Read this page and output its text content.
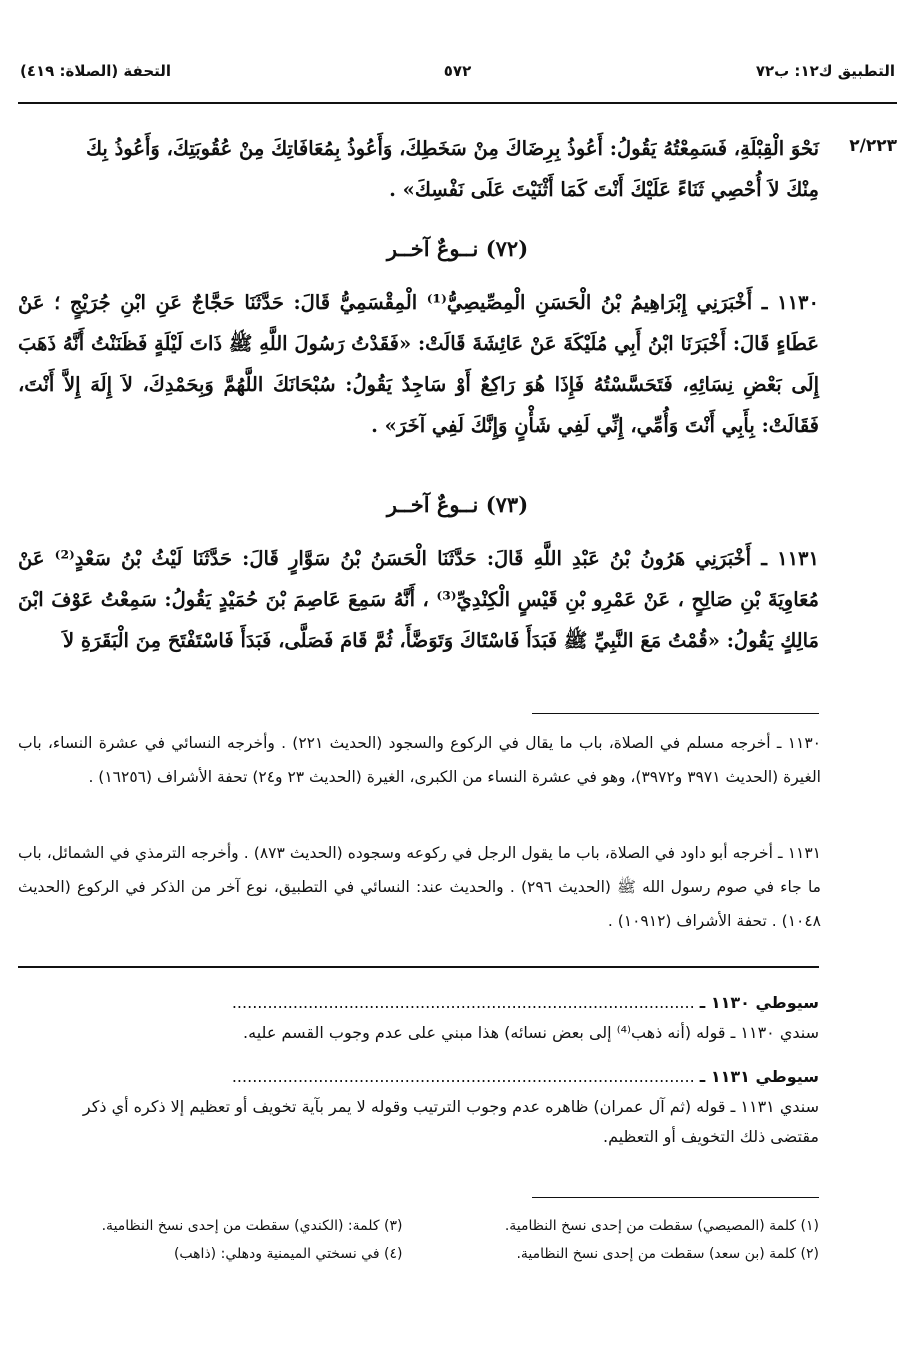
التطبيق ك١٢: ب٧٢
٥٧٢
التحفة (الصلاة: ٤١٩)
٢/٢٢٣
نَحْوَ الْقِبْلَةِ، فَسَمِعْتُهُ يَقُولُ: أَعُوذُ بِرِضَاكَ مِنْ سَخَطِكَ، وَأَعُوذُ بِمُعَافَاتِكَ مِنْ عُقُوبَتِكَ، وَأَعُوذُ بِكَ
مِنْكَ لاَ أُحْصِي ثَنَاءً عَلَيْكَ أَنْتَ كَمَا أَثْنَيْتَ عَلَى نَفْسِكَ» .
(٧٢) نــوعٌ آخــر
١١٣٠ ـ أَخْبَرَنِي إِبْرَاهِيمُ بْنُ الْحَسَنِ الْمِصِّيصِيُّ⁽¹⁾ الْمِقْسَمِيُّ قَالَ: حَدَّثَنَا حَجَّاجٌ عَنِ ابْنِ جُرَيْجٍ ؛ عَنْ عَطَاءٍ قَالَ: أَخْبَرَنَا ابْنُ أَبِي مُلَيْكَةَ عَنْ عَائِشَةَ قَالَتْ: «فَقَدْتُ رَسُولَ اللَّهِ ﷺ ذَاتَ لَيْلَةٍ فَظَنَنْتُ أَنَّهُ ذَهَبَ إِلَى بَعْضِ نِسَائِهِ، فَتَحَسَّسْتُهُ فَإِذَا هُوَ رَاكِعٌ أَوْ سَاجِدٌ يَقُولُ: سُبْحَانَكَ اللَّهُمَّ وَبِحَمْدِكَ، لاَ إِلَهَ إِلاَّ أَنْتَ، فَقَالَتْ: بِأَبِي أَنْتَ وَأُمِّي، إِنِّي لَفِي شَأْنٍ وَإِنَّكَ لَفِي آخَرَ» .
(٧٣) نــوعٌ آخــر
١١٣١ ـ أَخْبَرَنِي هَرُونُ بْنُ عَبْدِ اللَّهِ قَالَ: حَدَّثَنَا الْحَسَنُ بْنُ سَوَّارٍ قَالَ: حَدَّثَنَا لَيْثُ بْنُ سَعْدٍ⁽²⁾ عَنْ مُعَاوِيَةَ بْنِ صَالِحٍ ، عَنْ عَمْرِو بْنِ قَيْسٍ الْكِنْدِيِّ⁽³⁾ ، أَنَّهُ سَمِعَ عَاصِمَ بْنَ حُمَيْدٍ يَقُولُ: سَمِعْتُ عَوْفَ ابْنَ مَالِكٍ يَقُولُ: «قُمْتُ مَعَ النَّبِيِّ ﷺ فَبَدَأَ فَاسْتَاكَ وَتَوَضَّأَ، ثُمَّ قَامَ فَصَلَّى، فَبَدَأَ فَاسْتَفْتَحَ مِنَ الْبَقَرَةِ لاَ
١١٣٠ ـ أخرجه مسلم في الصلاة، باب ما يقال في الركوع والسجود (الحديث ٢٢١) . وأخرجه النسائي في عشرة النساء، باب الغيرة (الحديث ٣٩٧١ و٣٩٧٢)، وهو في عشرة النساء من الكبرى، الغيرة (الحديث ٢٣ و٢٤) تحفة الأشراف (١٦٢٥٦) .
١١٣١ ـ أخرجه أبو داود في الصلاة، باب ما يقول الرجل في ركوعه وسجوده (الحديث ٨٧٣) . وأخرجه الترمذي في الشمائل، باب ما جاء في صوم رسول الله ﷺ (الحديث ٢٩٦) . والحديث عند: النسائي في التطبيق، نوع آخر من الذكر في الركوع (الحديث ١٠٤٨) . تحفة الأشراف (١٠٩١٢) .
سيوطي ١١٣٠ ـ ...........................................................................................
سندي ١١٣٠ ـ قوله (أنه ذهب⁽⁴⁾ إلى بعض نسائه) هذا مبني على عدم وجوب القسم عليه.
سيوطي ١١٣١ ـ ...........................................................................................
سندي ١١٣١ ـ قوله (ثم آل عمران) ظاهره عدم وجوب الترتيب وقوله لا يمر بآية تخويف أو تعظيم إلا ذكره أي ذكر
مقتضى ذلك التخويف أو التعظيم.
(١) كلمة (المصيصي) سقطت من إحدى نسخ النظامية.
(٢) كلمة (بن سعد) سقطت من إحدى نسخ النظامية.
(٣) كلمة: (الكندي) سقطت من إحدى نسخ النظامية.
(٤) في نسختي الميمنية ودهلي: (ذاهب)
